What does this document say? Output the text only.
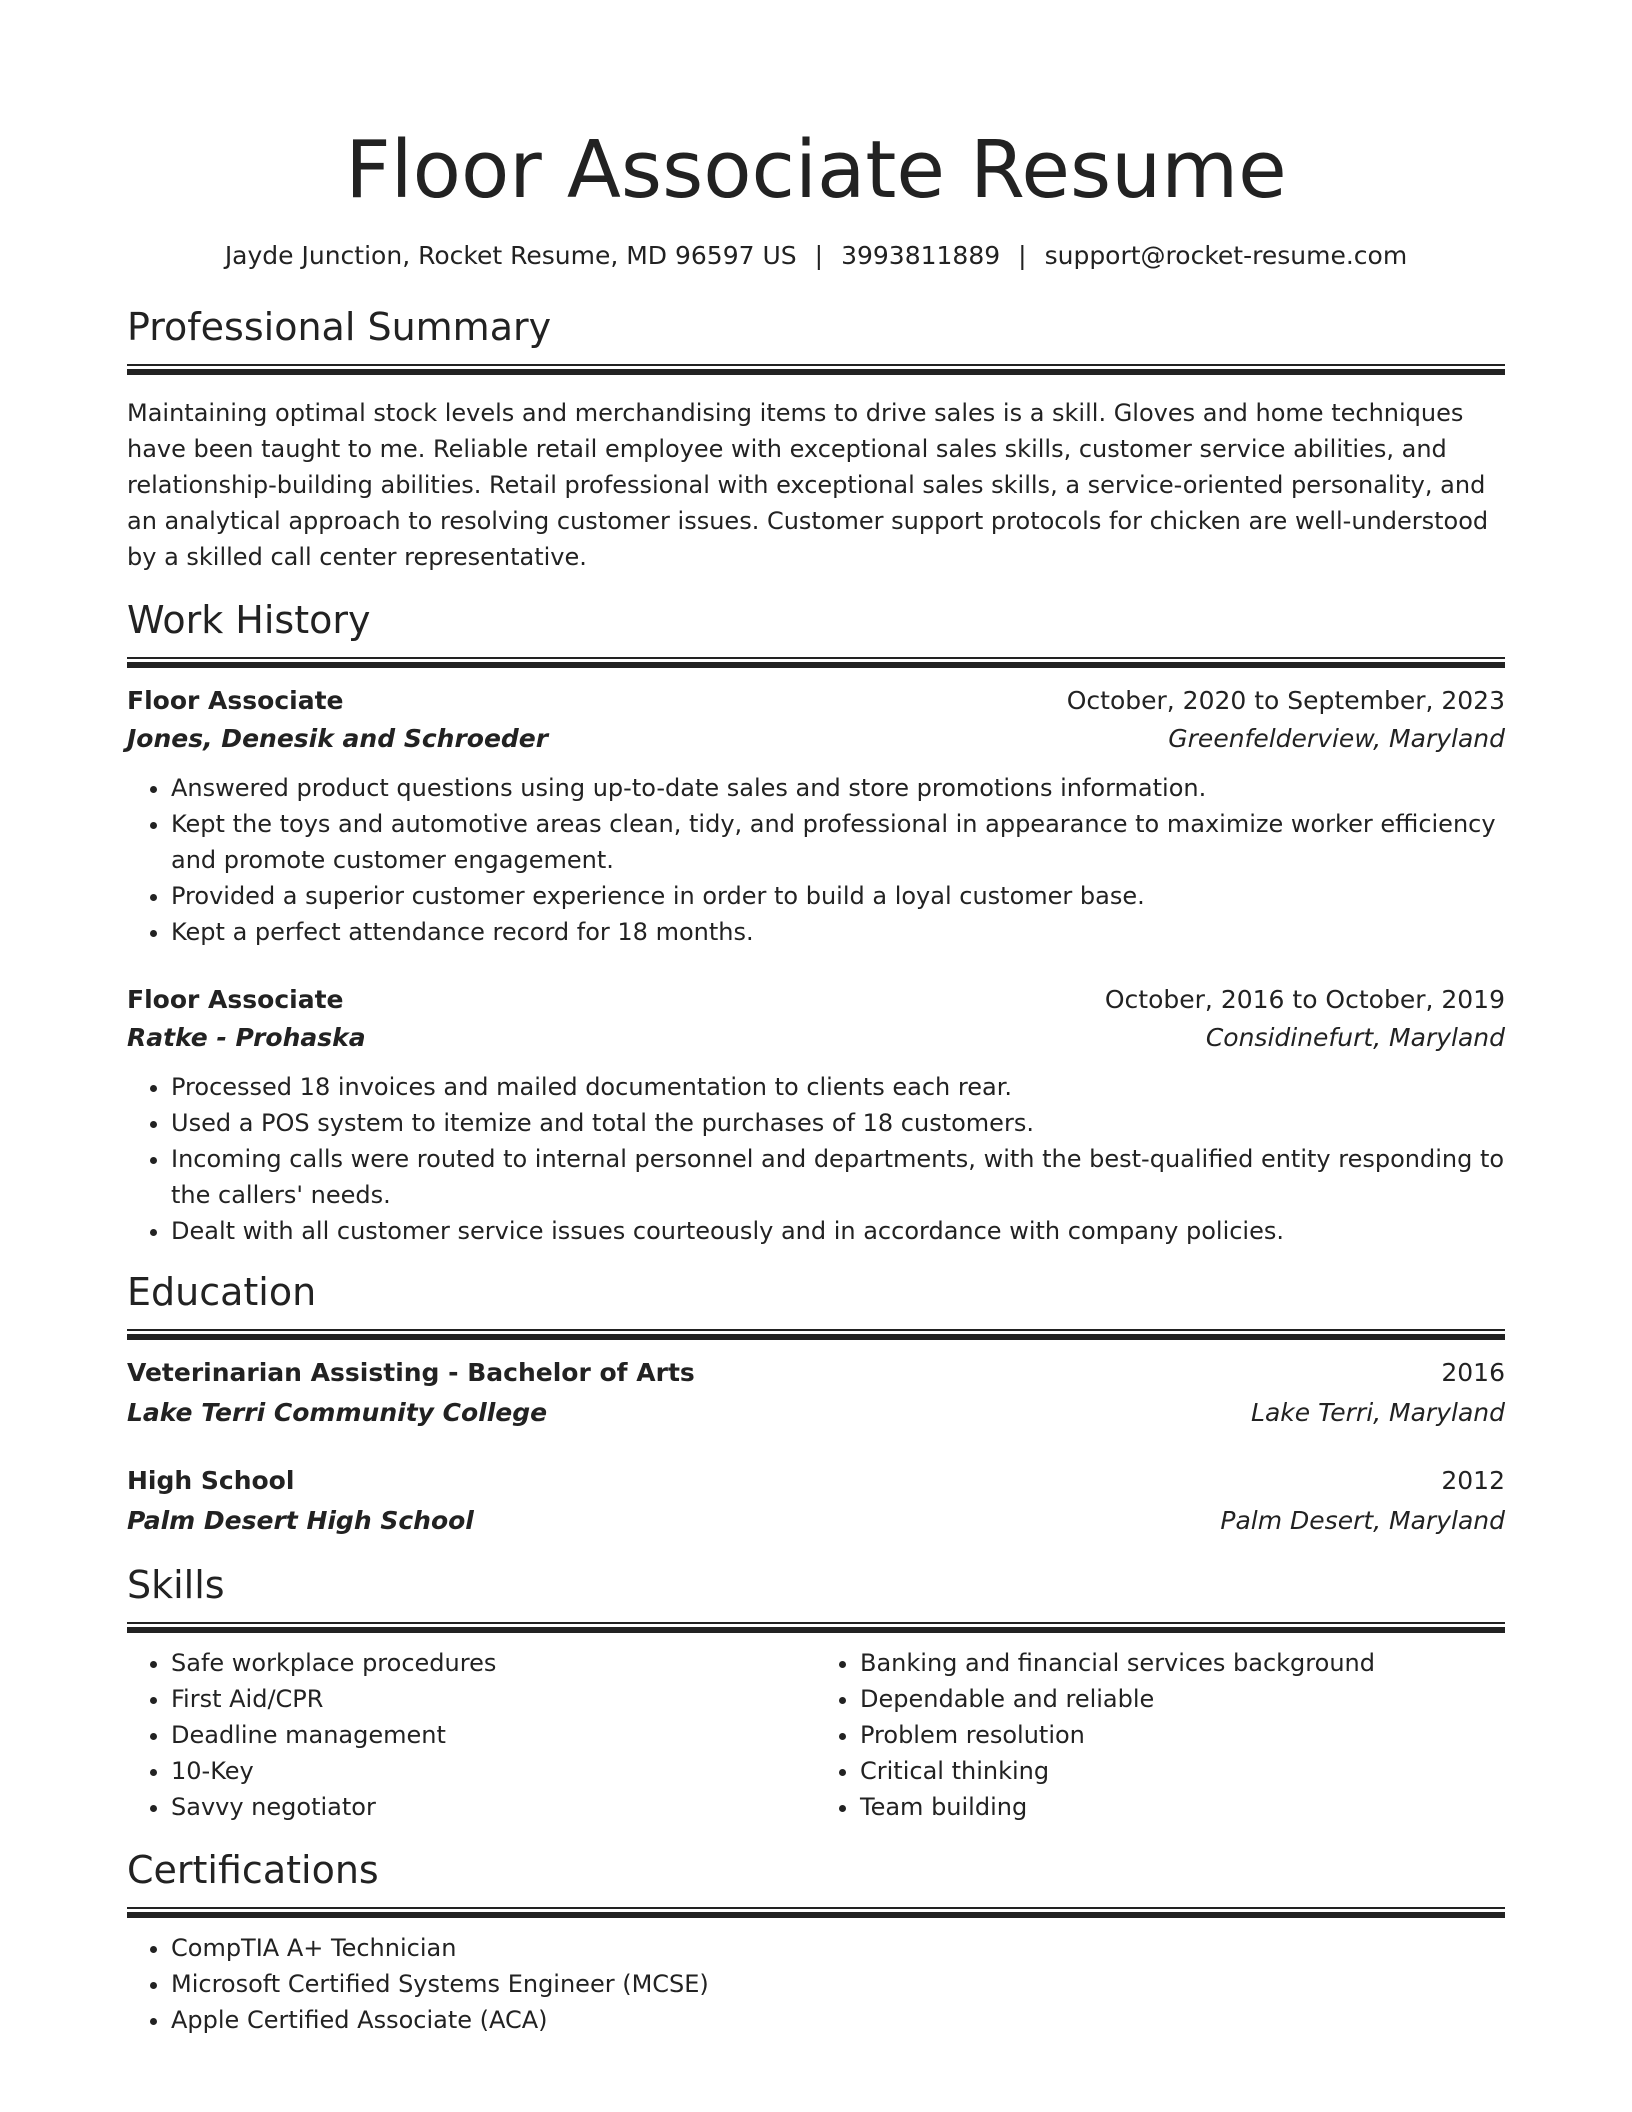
Floor Associate Resume
Jayde Junction, Rocket Resume, MD 96597 US | 3993811889 | support@rocket-resume.com
Professional Summary
Maintaining optimal stock levels and merchandising items to drive sales is a skill. Gloves and home techniques have been taught to me. Reliable retail employee with exceptional sales skills, customer service abilities, and relationship-building abilities. Retail professional with exceptional sales skills, a service-oriented personality, and an analytical approach to resolving customer issues. Customer support protocols for chicken are well-understood by a skilled call center representative.
Work History
Floor Associate	October, 2020 to September, 2023
Jones, Denesik and Schroeder	Greenfelderview, Maryland
• Answered product questions using up-to-date sales and store promotions information.
• Kept the toys and automotive areas clean, tidy, and professional in appearance to maximize worker efficiency and promote customer engagement.
• Provided a superior customer experience in order to build a loyal customer base.
• Kept a perfect attendance record for 18 months.
Floor Associate	October, 2016 to October, 2019
Ratke - Prohaska	Considinefurt, Maryland
• Processed 18 invoices and mailed documentation to clients each rear.
• Used a POS system to itemize and total the purchases of 18 customers.
• Incoming calls were routed to internal personnel and departments, with the best-qualified entity responding to the callers' needs.
• Dealt with all customer service issues courteously and in accordance with company policies.
Education
Veterinarian Assisting - Bachelor of Arts	2016
Lake Terri Community College	Lake Terri, Maryland
High School	2012
Palm Desert High School	Palm Desert, Maryland
Skills
• Safe workplace procedures
• First Aid/CPR
• Deadline management
• 10-Key
• Savvy negotiator
• Banking and financial services background
• Dependable and reliable
• Problem resolution
• Critical thinking
• Team building
Certifications
• CompTIA A+ Technician
• Microsoft Certified Systems Engineer (MCSE)
• Apple Certified Associate (ACA)
